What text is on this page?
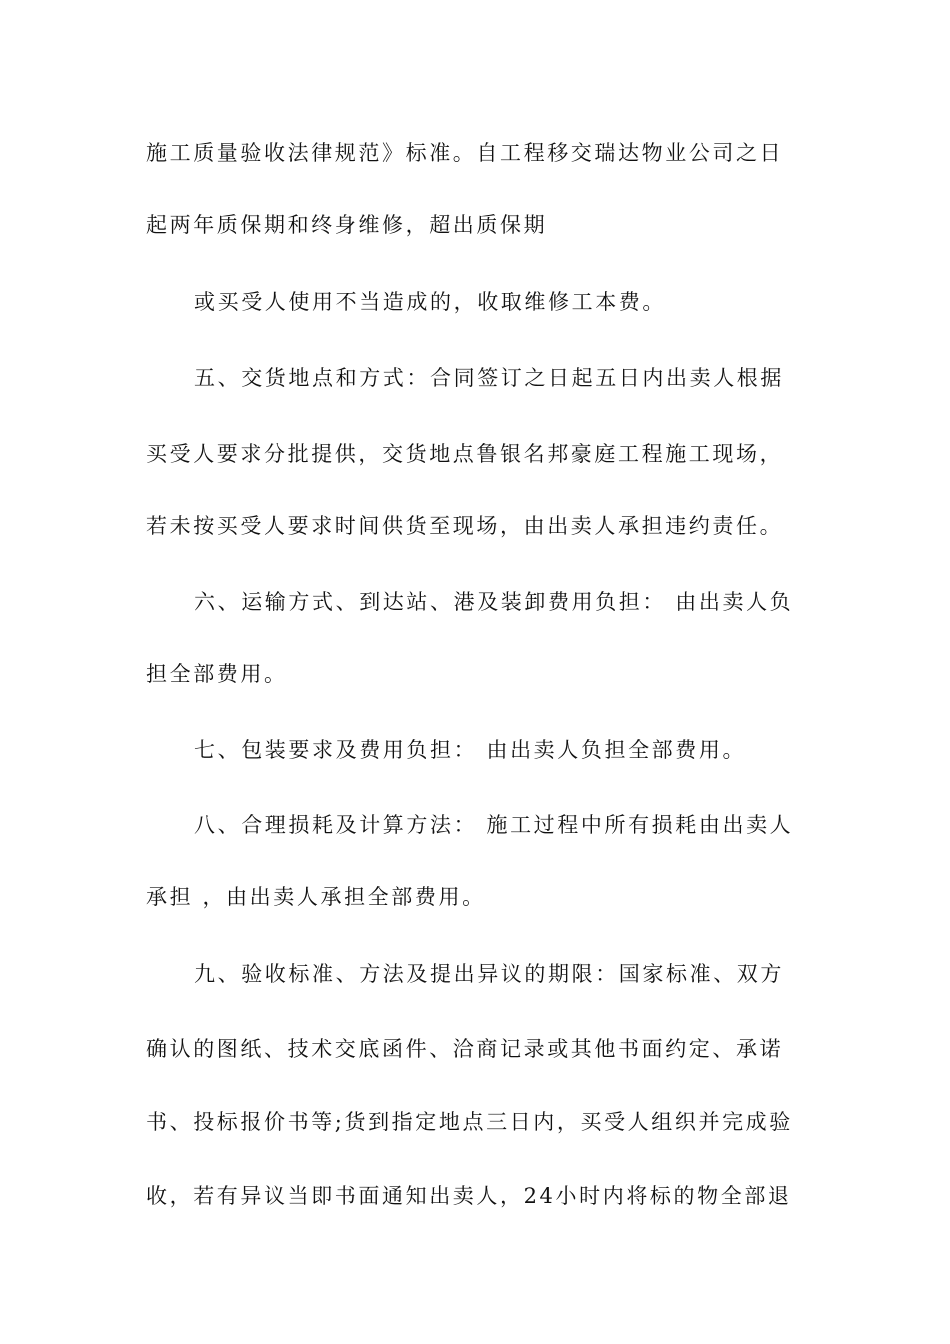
施工质量验收法律规范》标准。自工程移交瑞达物业公司之日
起两年质保期和终身维修，超出质保期
或买受人使用不当造成的，收取维修工本费。
五、交货地点和方式：合同签订之日起五日内出卖人根据
买受人要求分批提供，交货地点鲁银名邦豪庭工程施工现场，
若未按买受人要求时间供货至现场，由出卖人承担违约责任。
六、运输方式、到达站、港及装卸费用负担： 由出卖人负
担全部费用。
七、包装要求及费用负担： 由出卖人负担全部费用。
八、合理损耗及计算方法： 施工过程中所有损耗由出卖人
承担 ，由出卖人承担全部费用。
九、验收标准、方法及提出异议的期限：国家标准、双方
确认的图纸、技术交底函件、洽商记录或其他书面约定、承诺
书、投标报价书等;货到指定地点三日内，买受人组织并完成验
收，若有异议当即书面通知出卖人，24小时内将标的物全部退
